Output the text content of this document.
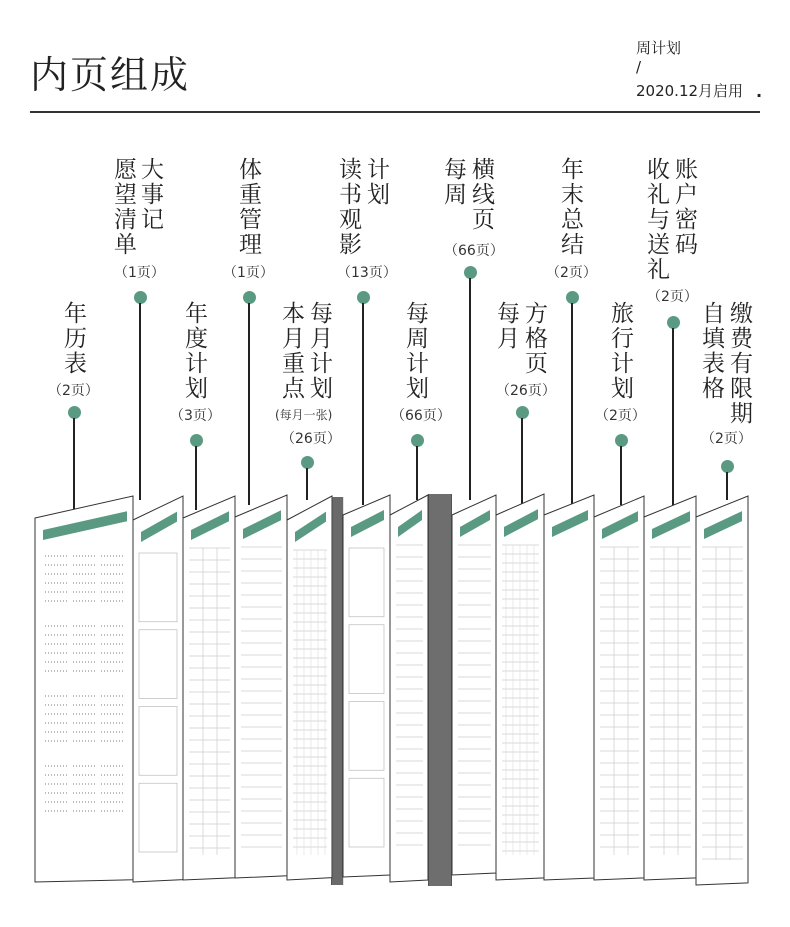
内页组成
周计划
/
2020.12月启用 .
年
历
表
（2页）
大
事
记
愿
望
清
单
（1页）
年
度
计
划
（3页）
体
重
管
理
（1页）
每
月
计
划
本
月
重
点
（26页）
(每月一张)
计
划
读
书
观
影
（13页）
每
周
计
划
（66页）
横
线
页
每
周
（66页）
方
格
页
每
月
（26页）
年
末
总
结
（2页）
旅
行
计
划
（2页）
账
户
密
码
收
礼
与
送
礼
（2页）
缴
费
有
限
期
自
填
表
格
（2页）
